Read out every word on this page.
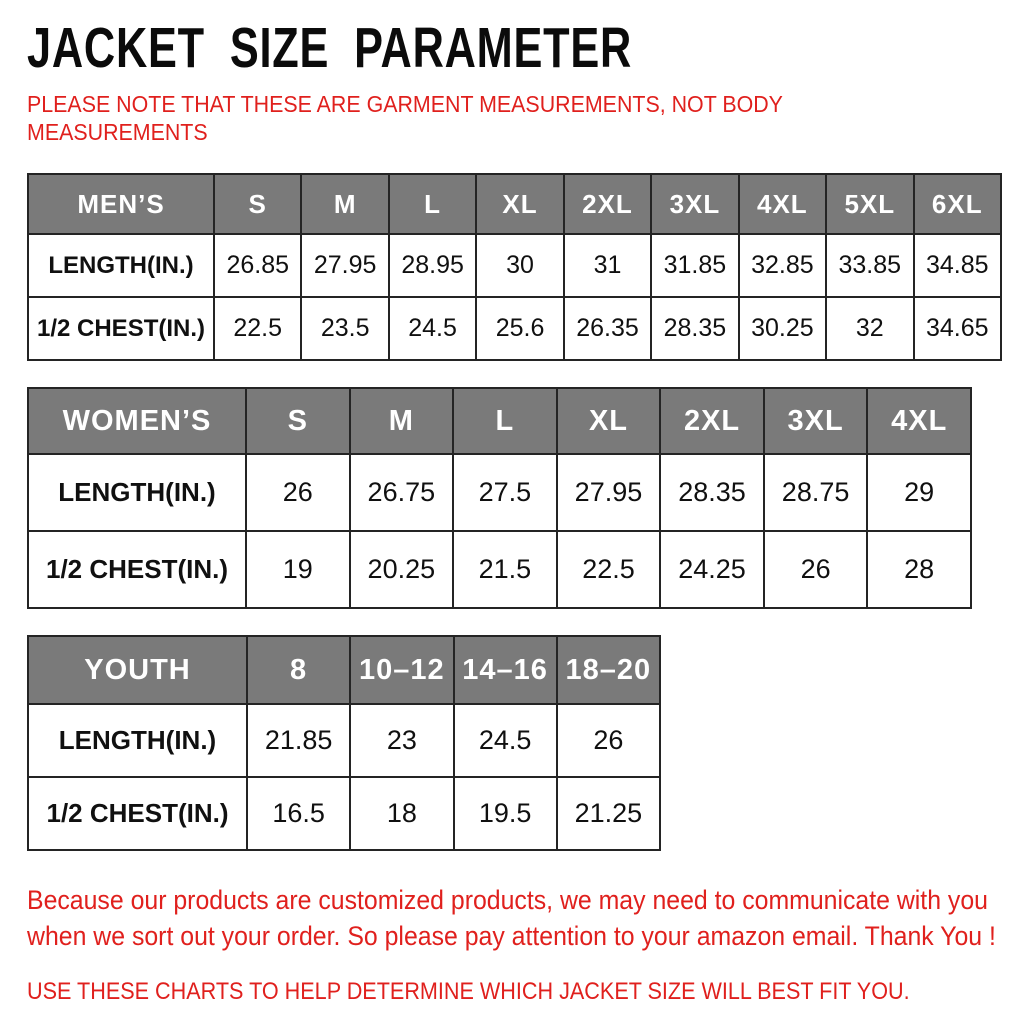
JACKET SIZE PARAMETER

PLEASE NOTE THAT THESE ARE GARMENT MEASUREMENTS, NOT BODY MEASUREMENTS

MEN’S	S	M	L	XL	2XL	3XL	4XL	5XL	6XL
LENGTH(IN.)	26.85	27.95	28.95	30	31	31.85	32.85	33.85	34.85
1/2 CHEST(IN.)	22.5	23.5	24.5	25.6	26.35	28.35	30.25	32	34.65
WOMEN’S	S	M	L	XL	2XL	3XL	4XL
LENGTH(IN.)	26	26.75	27.5	27.95	28.35	28.75	29
1/2 CHEST(IN.)	19	20.25	21.5	22.5	24.25	26	28
YOUTH	8	10–12	14–16	18–20
LENGTH(IN.)	21.85	23	24.5	26
1/2 CHEST(IN.)	16.5	18	19.5	21.25

Because our products are customized products, we may need to communicate with you when we sort out your order. So please pay attention to your amazon email. Thank You !

USE THESE CHARTS TO HELP DETERMINE WHICH JACKET SIZE WILL BEST FIT YOU.
